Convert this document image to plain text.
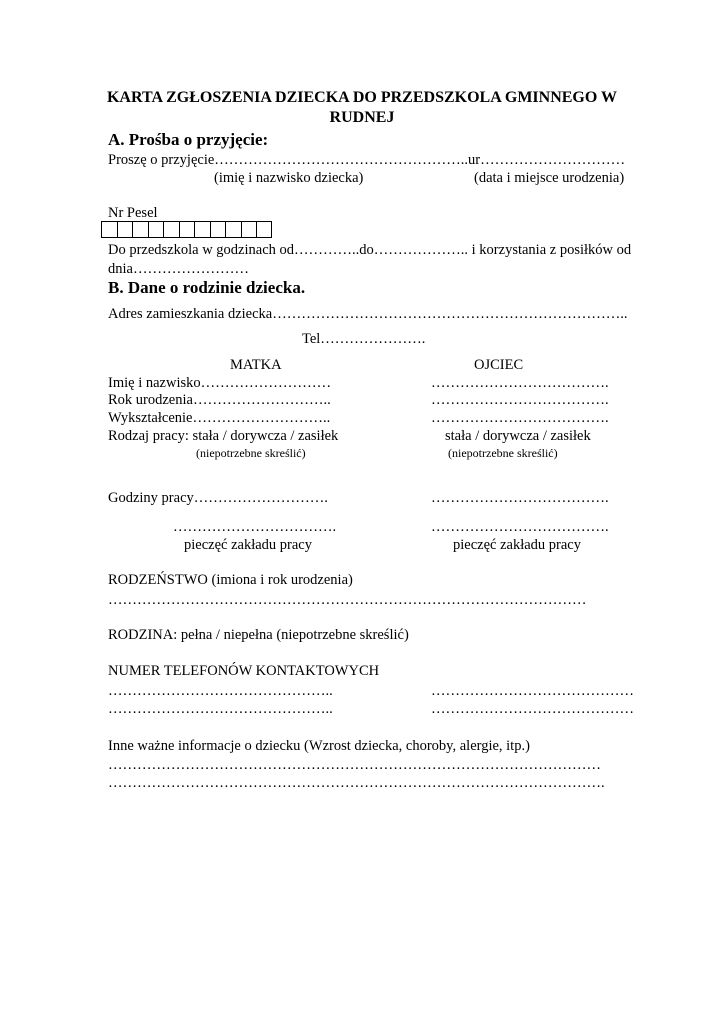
KARTA ZGŁOSZENIA DZIECKA DO PRZEDSZKOLA GMINNEGO W
RUDNEJ
A. Prośba o przyjęcie:
Proszę o przyjęcie……………………………………………..ur…………………………
(imię i nazwisko dziecka)	(data i miejsce urodzenia)
Nr Pesel
Do przedszkola w godzinach od…………..do……………….. i korzystania z posiłków od
dnia……………………
B. Dane o rodzinie dziecka.
Adres zamieszkania dziecka………………………………………………………………..
Tel………………….
MATKA	OJCIEC
Imię i nazwisko………………………	……………………………….
Rok urodzenia………………………..	……………………………….
Wykształcenie………………………..	……………………………….
Rodzaj pracy: stała / dorywcza / zasiłek	stała / dorywcza / zasiłek
(niepotrzebne skreślić)	(niepotrzebne skreślić)
Godziny pracy……………………….	……………………………….
…………………………….	……………………………….
pieczęć zakładu pracy	pieczęć zakładu pracy
RODZEŃSTWO (imiona i rok urodzenia)
………………………………………………………………………………………
RODZINA: pełna / niepełna (niepotrzebne skreślić)
NUMER TELEFONÓW KONTAKTOWYCH
………………………………………..	……………………………………
………………………………………..	……………………………………
Inne ważne informacje o dziecku (Wzrost dziecka, choroby, alergie, itp.)
…………………………………………………………………………………………
………………………………………………………………………………………….
